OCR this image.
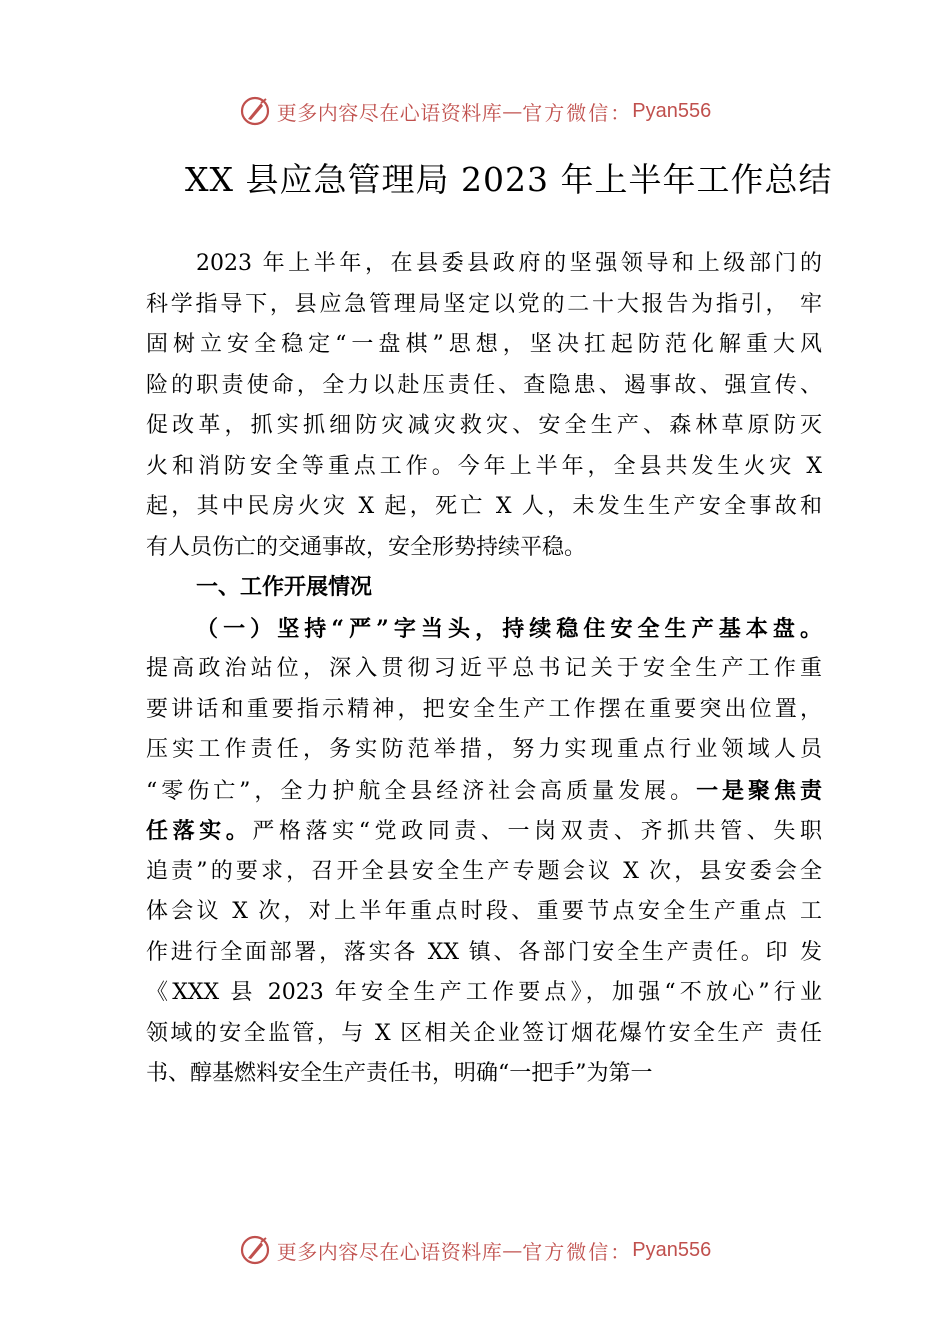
更多内容尽在心语资料库 — 官方微信： Pyan556
XX 县应急管理局 2023 年上半年工作总结
2023 年上半年，在县委县政府的坚强领导和上级部门的
科学指导下，县应急管理局坚定以党的二十大报告为指引， 牢
固树立安全稳定“一盘棋”思想，坚决扛起防范化解重大风
险的职责使命，全力以赴压责任、查隐患、遏事故、强宣传、
促改革，抓实抓细防灾减灾救灾、安全生产、森林草原防灭
火和消防安全等重点工作。今年上半年，全县共发生火灾 X
起，其中民房火灾 X 起，死亡 X 人，未发生生产安全事故和
有人员伤亡的交通事故，安全形势持续平稳。
一、工作开展情况
（一）坚持“严”字当头，持续稳住安全生产基本盘。
提高政治站位，深入贯彻习近平总书记关于安全生产工作重
要讲话和重要指示精神，把安全生产工作摆在重要突出位置，
压实工作责任，务实防范举措，努力实现重点行业领域人员
“零伤亡”，全力护航全县经济社会高质量发展。一是聚焦责
任落实。严格落实“党政同责、一岗双责、齐抓共管、失职
追责”的要求，召开全县安全生产专题会议 X 次，县安委会全
体会议 X 次，对上半年重点时段、重要节点安全生产重点 工
作进行全面部署，落实各 XX 镇、各部门安全生产责任。印 发
《XXX 县 2023 年安全生产工作要点》，加强“不放心”行业
领域的安全监管，与 X 区相关企业签订烟花爆竹安全生产 责任
书、醇基燃料安全生产责任书，明确“一把手”为第一
更多内容尽在心语资料库 — 官方微信： Pyan556
